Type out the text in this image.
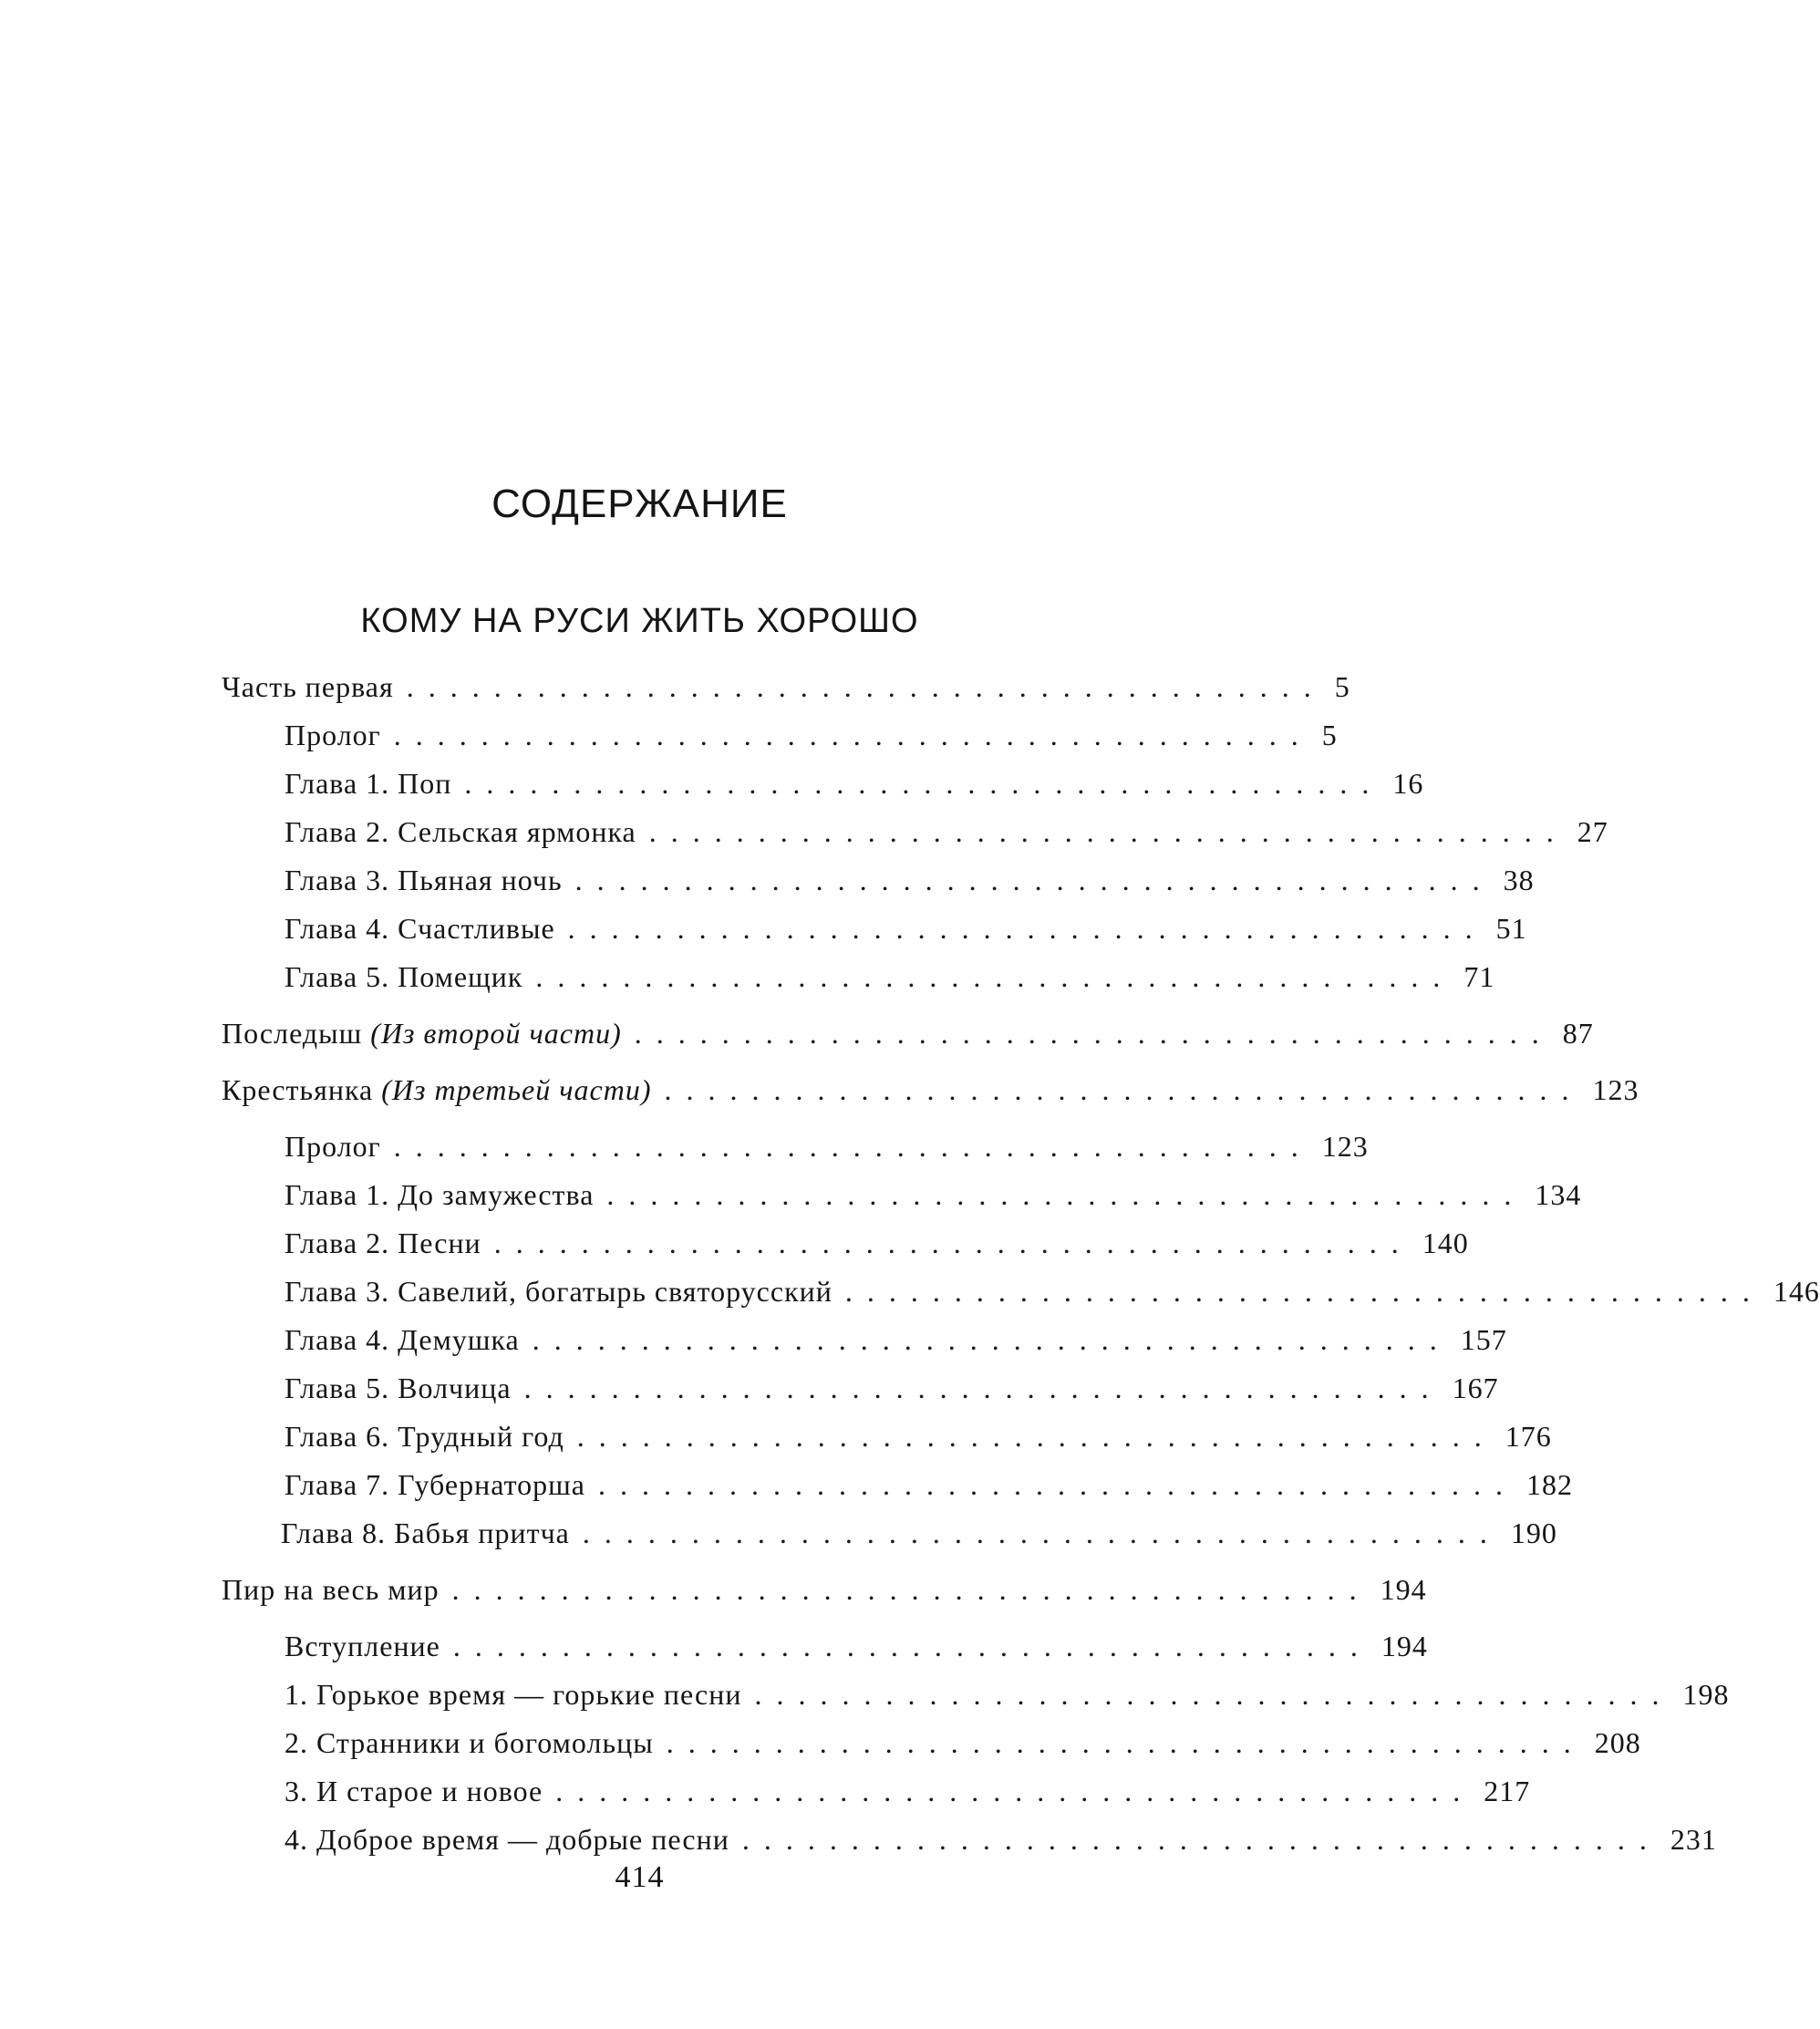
СОДЕРЖАНИЕ
КОМУ НА РУСИ ЖИТЬ ХОРОШО
Часть первая .......................................... 5
Пролог .......................................... 5
Глава 1. Поп .......................................... 16
Глава 2. Сельская ярмонка .......................................... 27
Глава 3. Пьяная ночь .......................................... 38
Глава 4. Счастливые .......................................... 51
Глава 5. Помещик .......................................... 71
Последыш (Из второй части) .......................................... 87
Крестьянка (Из третьей части) .......................................... 123
Пролог .......................................... 123
Глава 1. До замужества .......................................... 134
Глава 2. Песни .......................................... 140
Глава 3. Савелий, богатырь святорусский .......................................... 146
Глава 4. Демушка .......................................... 157
Глава 5. Волчица .......................................... 167
Глава 6. Трудный год .......................................... 176
Глава 7. Губернаторша .......................................... 182
Глава 8. Бабья притча .......................................... 190
Пир на весь мир .......................................... 194
Вступление .......................................... 194
1. Горькое время — горькие песни .......................................... 198
2. Странники и богомольцы .......................................... 208
3. И старое и новое .......................................... 217
4. Доброе время — добрые песни .......................................... 231
414
